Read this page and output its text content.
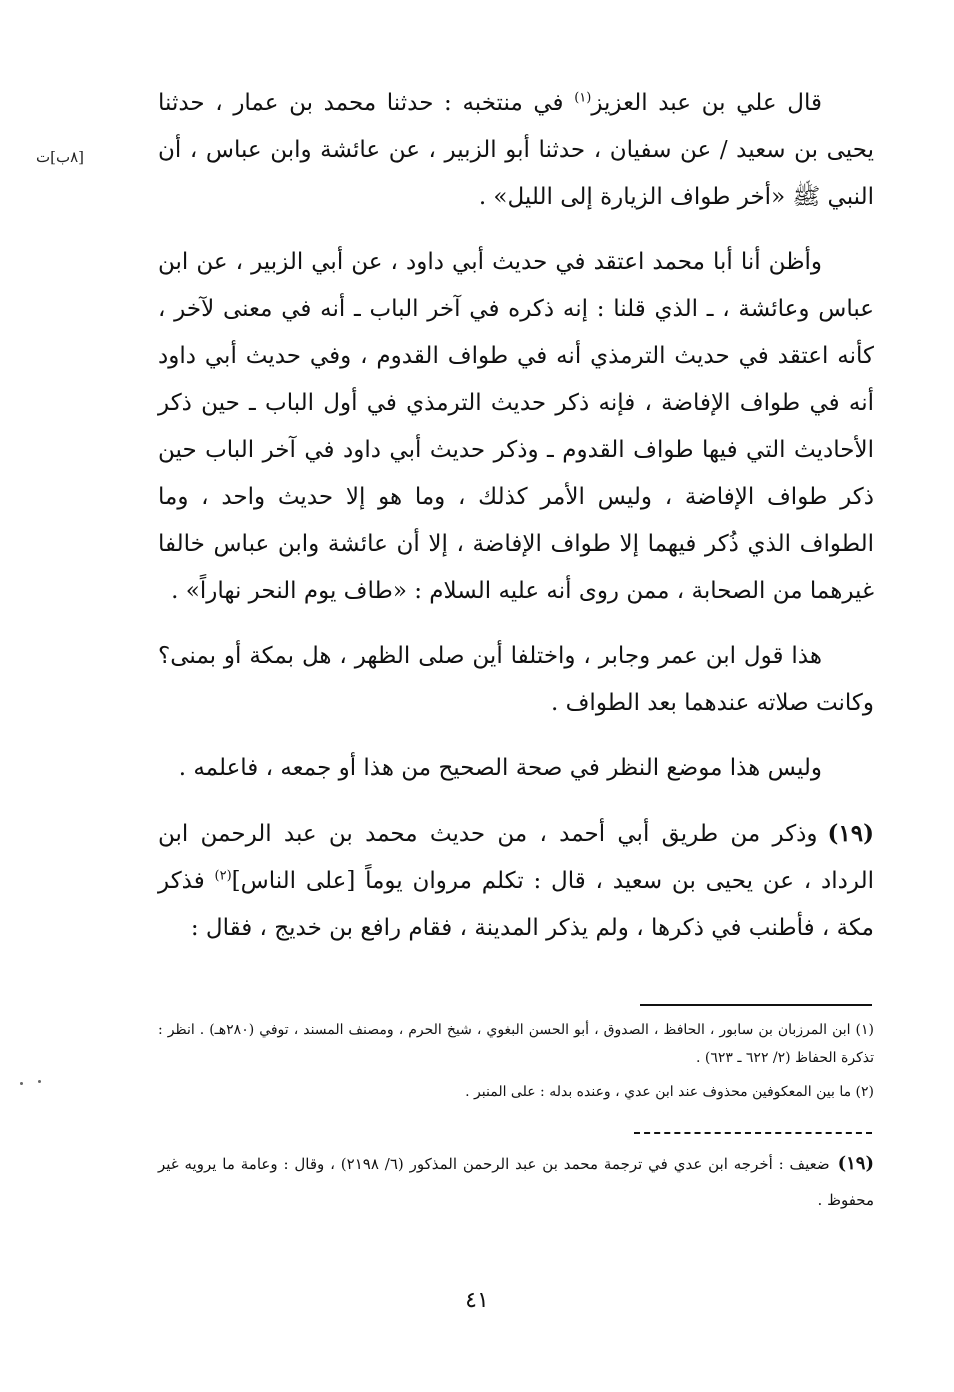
[٨ب]ت

قال علي بن عبد العزيز$^{(١)}$ في منتخبه : حدثنا محمد بن عمار ، حدثنا يحيى بن سعيد / عن سفيان ، حدثنا أبو الزبير ، عن عائشة وابن عباس ، أن النبي ﷺ «أخر طواف الزيارة إلى الليل» .

وأظن أنا أبا محمد اعتقد في حديث أبي داود ، عن أبي الزبير ، عن ابن عباس وعائشة ، ـ الذي قلنا : إنه ذكره في آخر الباب ـ أنه في معنى لآخر ، كأنه اعتقد في حديث الترمذي أنه في طواف القدوم ، وفي حديث أبي داود أنه في طواف الإفاضة ، فإنه ذكر حديث الترمذي في أول الباب ـ حين ذكر الأحاديث التي فيها طواف القدوم ـ وذكر حديث أبي داود في آخر الباب حين ذكر طواف الإفاضة ، وليس الأمر كذلك ، وما هو إلا حديث واحد ، وما الطواف الذي ذُكر فيهما إلا طواف الإفاضة ، إلا أن عائشة وابن عباس خالفا غيرهما من الصحابة ، ممن روى أنه عليه السلام : «طاف يوم النحر نهاراً» .

هذا قول ابن عمر وجابر ، واختلفا أين صلى الظهر ، هل بمكة أو بمنى؟ وكانت صلاته عندهما بعد الطواف .

وليس هذا موضع النظر في صحة الصحيح من هذا أو جمعه ، فاعلمه .

(١٩)وذكر من طريق أبي أحمد ، من حديث محمد بن عبد الرحمن ابن الرداد ، عن يحيى بن سعيد ، قال : تكلم مروان يوماً [على الناس]$^{(٢)}$ فذكر مكة ، فأطنب في ذكرها ، ولم يذكر المدينة ، فقام رافع بن خديج ، فقال :

(١) ابن المرزبان بن سابور ، الحافظ ، الصدوق ، أبو الحسن البغوي ، شيخ الحرم ، ومصنف المسند ، توفي (٢٨٠هـ) . انظر : تذكرة الحفاظ (٢/ ٦٢٢ ـ ٦٢٣) .
(٢) ما بين المعكوفين محذوف عند ابن عدي ، وعنده بدله : على المنبر .
(١٩)ضعيف : أخرجه ابن عدي في ترجمة محمد بن عبد الرحمن المذكور (٦/ ٢١٩٨) ، وقال : وعامة ما يرويه غير محفوظ .
٤١
